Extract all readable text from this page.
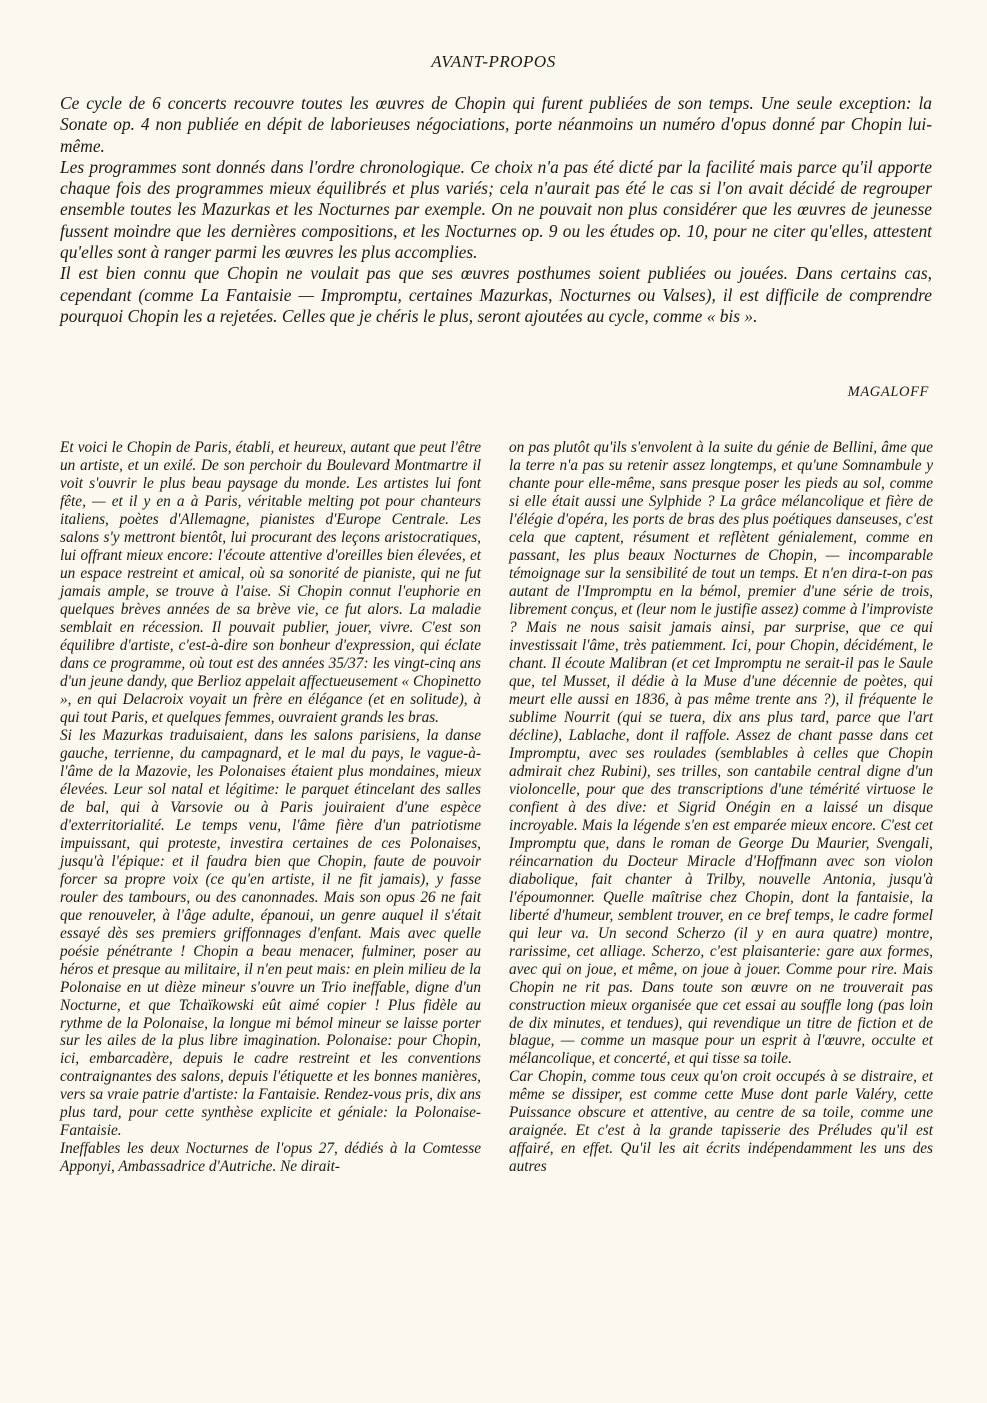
AVANT-PROPOS

Ce cycle de 6 concerts recouvre toutes les œuvres de Chopin qui furent publiées de son temps. Une seule exception: la Sonate op. 4 non publiée en dépit de laborieuses négociations, porte néanmoins un numéro d'opus donné par Chopin lui-même.

Les programmes sont donnés dans l'ordre chronologique. Ce choix n'a pas été dicté par la facilité mais parce qu'il apporte chaque fois des programmes mieux équilibrés et plus variés; cela n'aurait pas été le cas si l'on avait décidé de regrouper ensemble toutes les Mazurkas et les Nocturnes par exemple. On ne pouvait non plus considérer que les œuvres de jeunesse fussent moindre que les dernières compositions, et les Nocturnes op. 9 ou les études op. 10, pour ne citer qu'elles, attestent qu'elles sont à ranger parmi les œuvres les plus accomplies.

Il est bien connu que Chopin ne voulait pas que ses œuvres posthumes soient publiées ou jouées. Dans certains cas, cependant (comme La Fantaisie — Impromptu, certaines Mazurkas, Nocturnes ou Valses), il est difficile de comprendre pourquoi Chopin les a rejetées. Celles que je chéris le plus, seront ajoutées au cycle, comme « bis ».

MAGALOFF

Et voici le Chopin de Paris, établi, et heureux, autant que peut l'être un artiste, et un exilé. De son perchoir du Boulevard Montmartre il voit s'ouvrir le plus beau paysage du monde. Les artistes lui font fête, — et il y en a à Paris, véritable melting pot pour chanteurs italiens, poètes d'Allemagne, pianistes d'Europe Centrale. Les salons s'y mettront bientôt, lui procurant des leçons aristocratiques, lui offrant mieux encore: l'écoute attentive d'oreilles bien élevées, et un espace restreint et amical, où sa sonorité de pianiste, qui ne fut jamais ample, se trouve à l'aise. Si Chopin connut l'euphorie en quelques brèves années de sa brève vie, ce fut alors. La maladie semblait en récession. Il pouvait publier, jouer, vivre. C'est son équilibre d'artiste, c'est-à-dire son bonheur d'expression, qui éclate dans ce programme, où tout est des années 35/37: les vingt-cinq ans d'un jeune dandy, que Berlioz appelait affectueusement « Chopinetto », en qui Delacroix voyait un frère en élégance (et en solitude), à qui tout Paris, et quelques femmes, ouvraient grands les bras.

Si les Mazurkas traduisaient, dans les salons parisiens, la danse gauche, terrienne, du campagnard, et le mal du pays, le vague-à-l'âme de la Mazovie, les Polonaises étaient plus mondaines, mieux élevées. Leur sol natal et légitime: le parquet étincelant des salles de bal, qui à Varsovie ou à Paris jouiraient d'une espèce d'exterritorialité. Le temps venu, l'âme fière d'un patriotisme impuissant, qui proteste, investira certaines de ces Polonaises, jusqu'à l'épique: et il faudra bien que Chopin, faute de pouvoir forcer sa propre voix (ce qu'en artiste, il ne fit jamais), y fasse rouler des tambours, ou des canonnades. Mais son opus 26 ne fait que renouveler, à l'âge adulte, épanoui, un genre auquel il s'était essayé dès ses premiers griffonnages d'enfant. Mais avec quelle poésie pénétrante ! Chopin a beau menacer, fulminer, poser au héros et presque au militaire, il n'en peut mais: en plein milieu de la Polonaise en ut dièze mineur s'ouvre un Trio ineffable, digne d'un Nocturne, et que Tchaïkowski eût aimé copier ! Plus fidèle au rythme de la Polonaise, la longue mi bémol mineur se laisse porter sur les ailes de la plus libre imagination. Polonaise: pour Chopin, ici, embarcadère, depuis le cadre restreint et les conventions contraignantes des salons, depuis l'étiquette et les bonnes manières, vers sa vraie patrie d'artiste: la Fantaisie. Rendez-vous pris, dix ans plus tard, pour cette synthèse explicite et géniale: la Polonaise-Fantaisie.

Ineffables les deux Nocturnes de l'opus 27, dédiés à la Comtesse Apponyi, Ambassadrice d'Autriche. Ne dirait-

on pas plutôt qu'ils s'envolent à la suite du génie de Bellini, âme que la terre n'a pas su retenir assez longtemps, et qu'une Somnambule y chante pour elle-même, sans presque poser les pieds au sol, comme si elle était aussi une Sylphide ? La grâce mélancolique et fière de l'élégie d'opéra, les ports de bras des plus poétiques danseuses, c'est cela que captent, résument et reflètent génialement, comme en passant, les plus beaux Nocturnes de Chopin, — incomparable témoignage sur la sensibilité de tout un temps. Et n'en dira-t-on pas autant de l'Impromptu en la bémol, premier d'une série de trois, librement conçus, et (leur nom le justifie assez) comme à l'improviste ? Mais ne nous saisit jamais ainsi, par surprise, que ce qui investissait l'âme, très patiemment. Ici, pour Chopin, décidément, le chant. Il écoute Malibran (et cet Impromptu ne serait-il pas le Saule que, tel Musset, il dédie à la Muse d'une décennie de poètes, qui meurt elle aussi en 1836, à pas même trente ans ?), il fréquente le sublime Nourrit (qui se tuera, dix ans plus tard, parce que l'art décline), Lablache, dont il raffole. Assez de chant passe dans cet Impromptu, avec ses roulades (semblables à celles que Chopin admirait chez Rubini), ses trilles, son cantabile central digne d'un violoncelle, pour que des transcriptions d'une témérité virtuose le confient à des dive: et Sigrid Onégin en a laissé un disque incroyable. Mais la légende s'en est emparée mieux encore. C'est cet Impromptu que, dans le roman de George Du Maurier, Svengali, réincarnation du Docteur Miracle d'Hoffmann avec son violon diabolique, fait chanter à Trilby, nouvelle Antonia, jusqu'à l'époumonner. Quelle maîtrise chez Chopin, dont la fantaisie, la liberté d'humeur, semblent trouver, en ce bref temps, le cadre formel qui leur va. Un second Scherzo (il y en aura quatre) montre, rarissime, cet alliage. Scherzo, c'est plaisanterie: gare aux formes, avec qui on joue, et même, on joue à jouer. Comme pour rire. Mais Chopin ne rit pas. Dans toute son œuvre on ne trouverait pas construction mieux organisée que cet essai au souffle long (pas loin de dix minutes, et tendues), qui revendique un titre de fiction et de blague, — comme un masque pour un esprit à l'œuvre, occulte et mélancolique, et concerté, et qui tisse sa toile.

Car Chopin, comme tous ceux qu'on croit occupés à se distraire, et même se dissiper, est comme cette Muse dont parle Valéry, cette Puissance obscure et attentive, au centre de sa toile, comme une araignée. Et c'est à la grande tapisserie des Préludes qu'il est affairé, en effet. Qu'il les ait écrits indépendamment les uns des autres
